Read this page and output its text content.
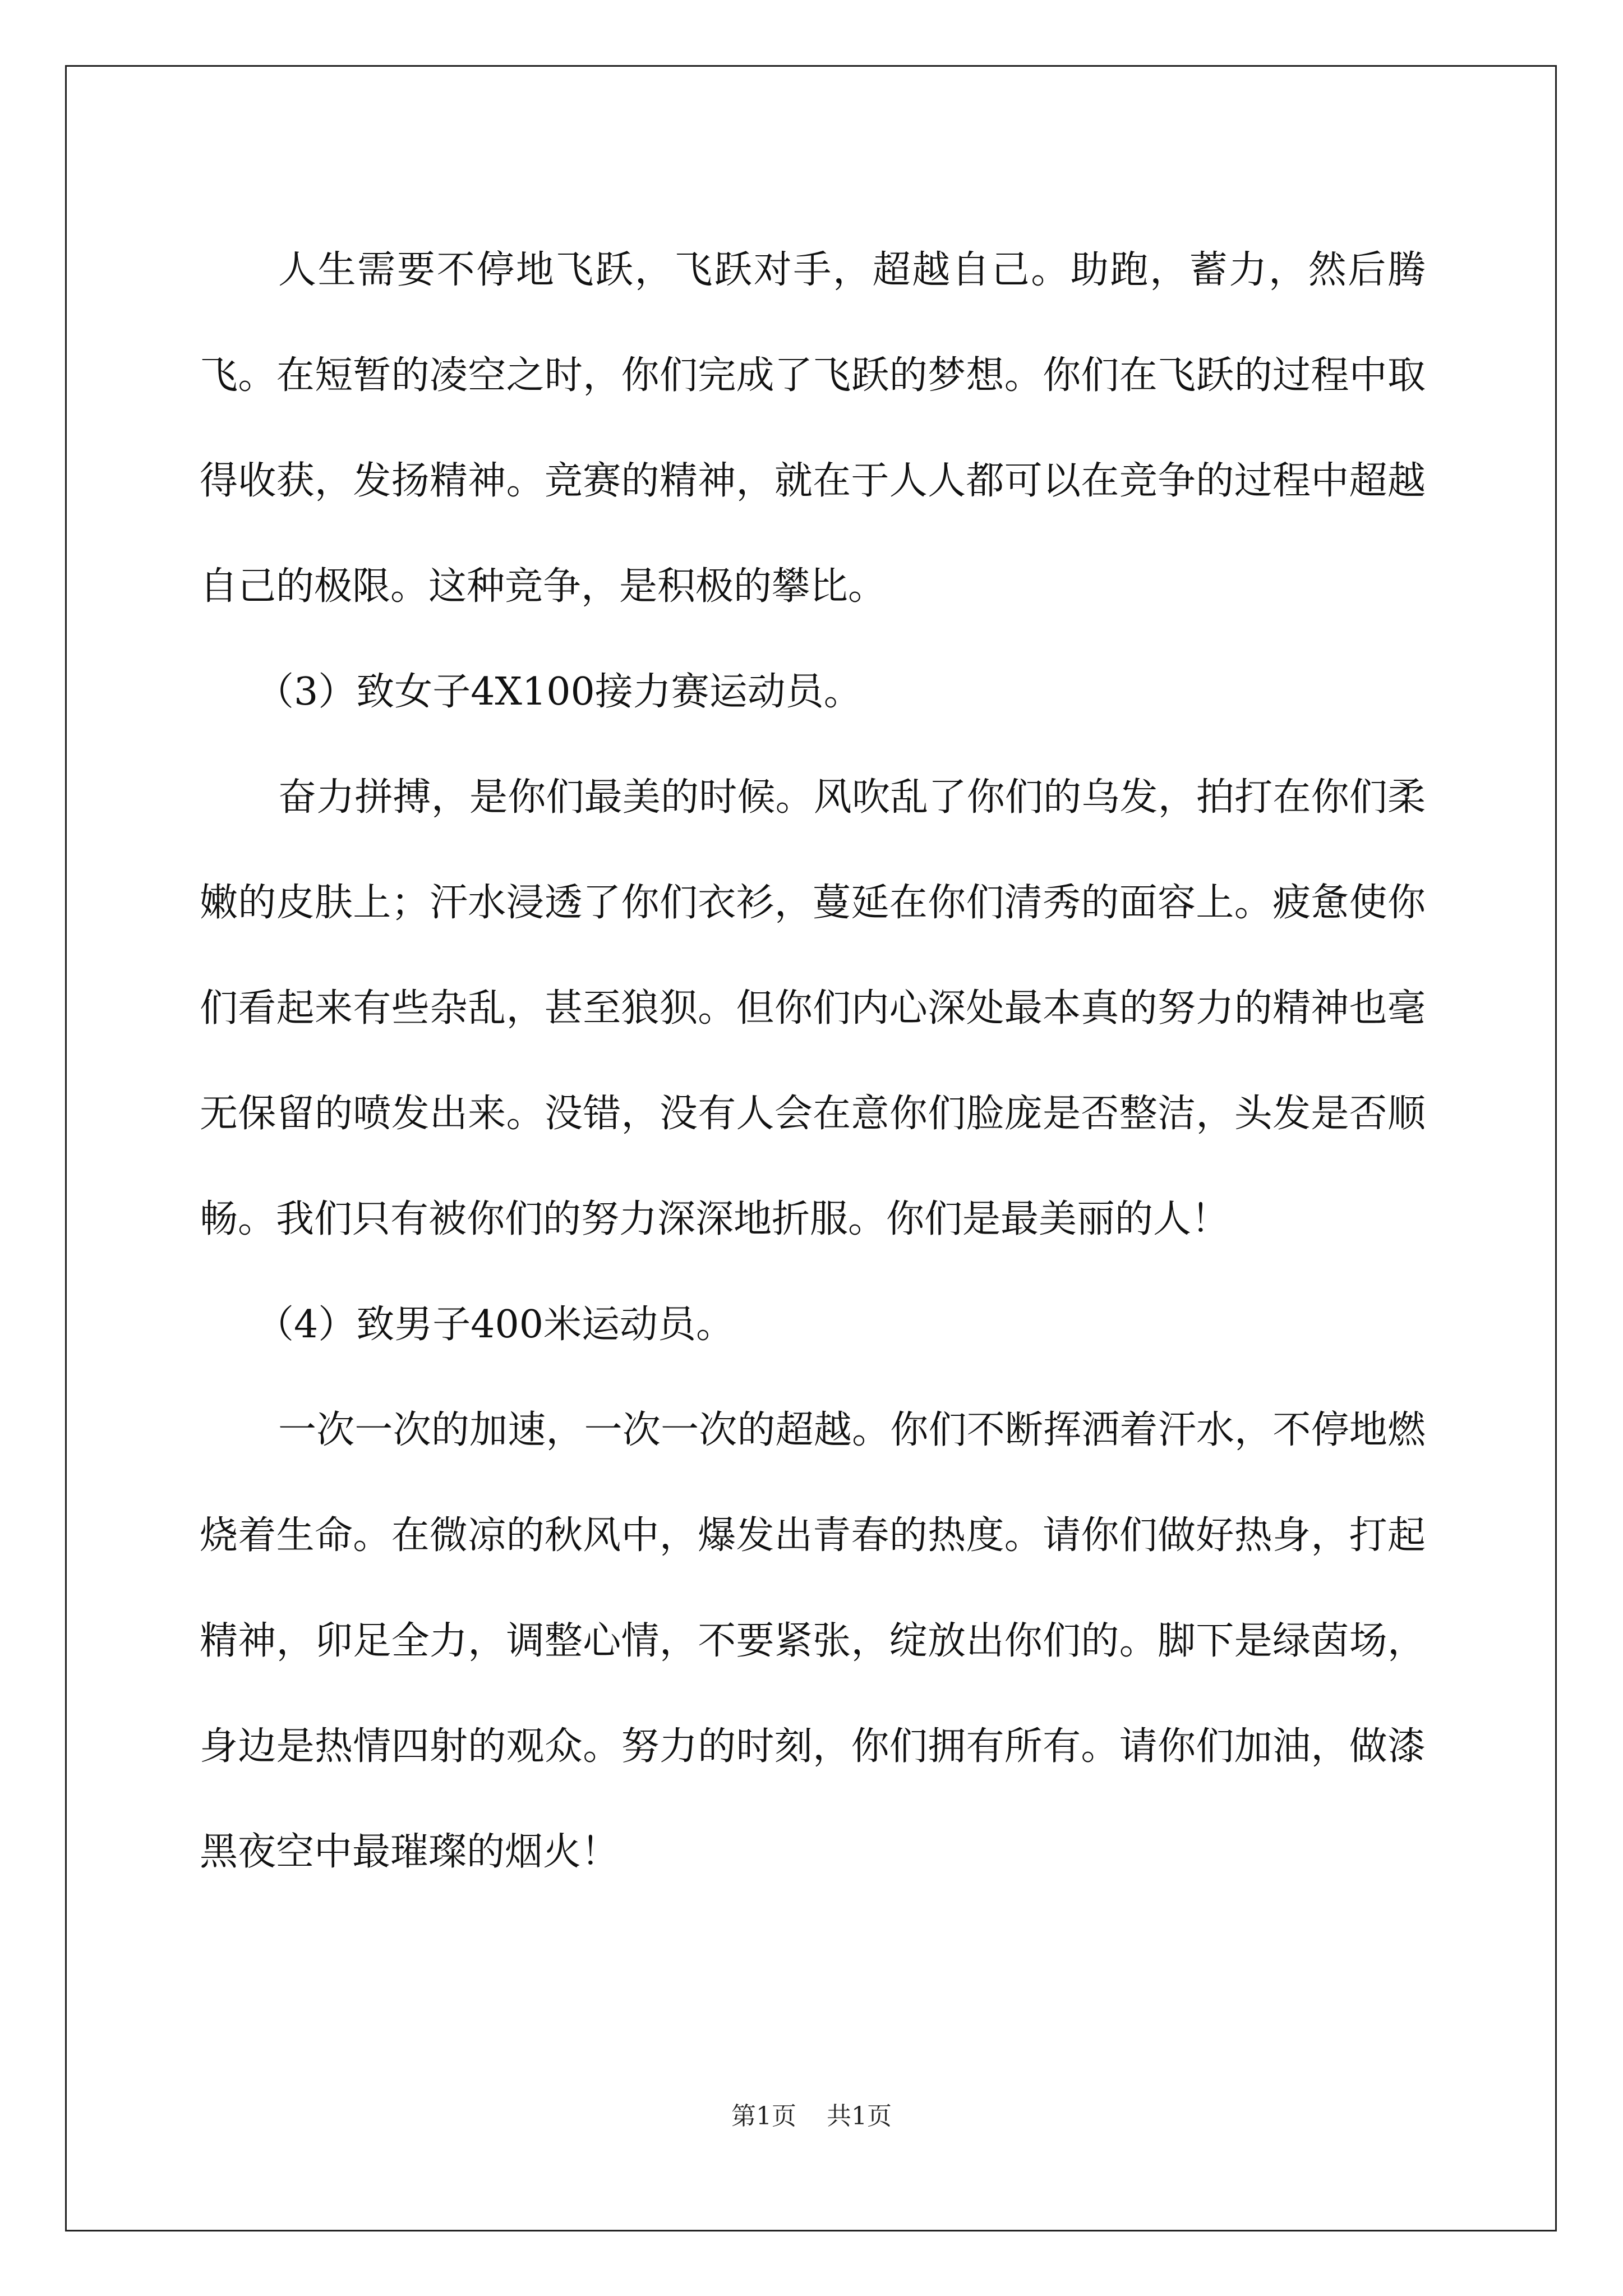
人生需要不停地飞跃，飞跃对手，超越自己。助跑，蓄力，然后腾飞。在短暂的凌空之时，你们完成了飞跃的梦想。你们在飞跃的过程中取得收获，发扬精神。竞赛的精神，就在于人人都可以在竞争的过程中超越自己的极限。这种竞争，是积极的攀比。

（3）致女子4X100接力赛运动员。

奋力拼搏，是你们最美的时候。风吹乱了你们的乌发，拍打在你们柔嫩的皮肤上；汗水浸透了你们衣衫，蔓延在你们清秀的面容上。疲惫使你们看起来有些杂乱，甚至狼狈。但你们内心深处最本真的努力的精神也毫无保留的喷发出来。没错，没有人会在意你们脸庞是否整洁，头发是否顺畅。我们只有被你们的努力深深地折服。你们是最美丽的人！

（4）致男子400米运动员。

一次一次的加速，一次一次的超越。你们不断挥洒着汗水，不停地燃烧着生命。在微凉的秋风中，爆发出青春的热度。请你们做好热身，打起精神，卯足全力，调整心情，不要紧张，绽放出你们的。脚下是绿茵场，身边是热情四射的观众。努力的时刻，你们拥有所有。请你们加油，做漆黑夜空中最璀璨的烟火！

第1页 共1页
